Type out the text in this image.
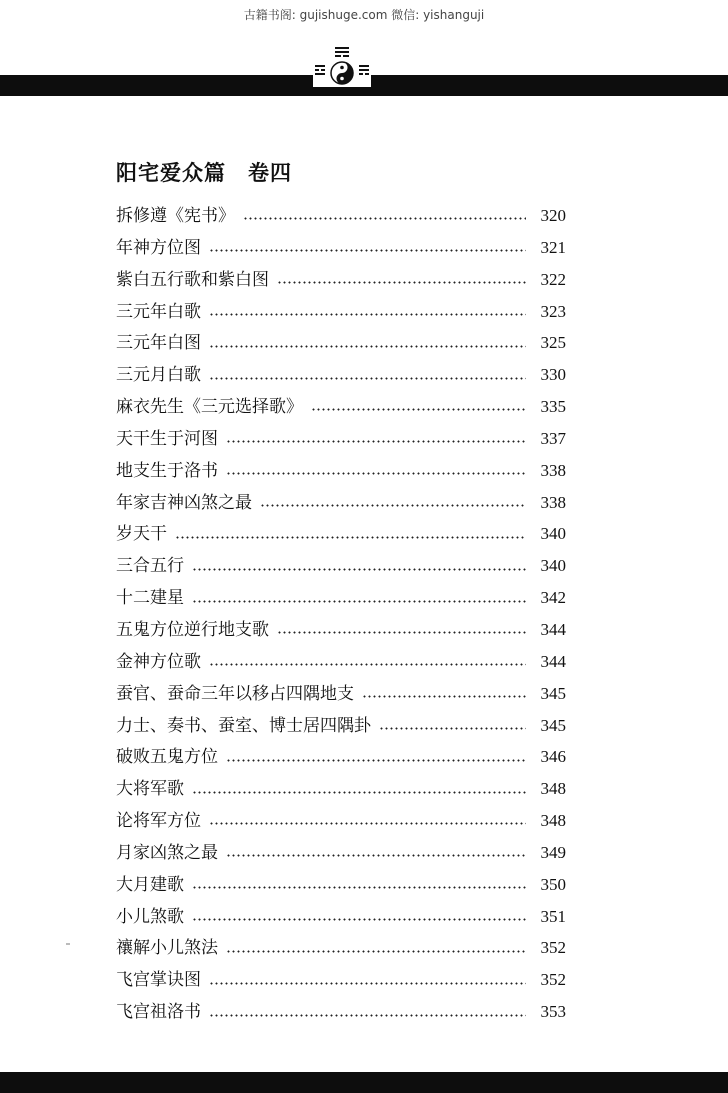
古籍书阁: gujishuge.com 微信: yishanguji
阳宅爱众篇　卷四
拆修遵《宪书》	320
年神方位图	321
紫白五行歌和紫白图	322
三元年白歌	323
三元年白图	325
三元月白歌	330
麻衣先生《三元选择歌》	335
天干生于河图	337
地支生于洛书	338
年家吉神凶煞之最	338
岁天干	340
三合五行	340
十二建星	342
五鬼方位逆行地支歌	344
金神方位歌	344
蚕官、蚕命三年以移占四隅地支	345
力士、奏书、蚕室、博士居四隅卦	345
破败五鬼方位	346
大将军歌	348
论将军方位	348
月家凶煞之最	349
大月建歌	350
小儿煞歌	351
禳解小儿煞法	352
飞宫掌诀图	352
飞宫祖洛书	353
